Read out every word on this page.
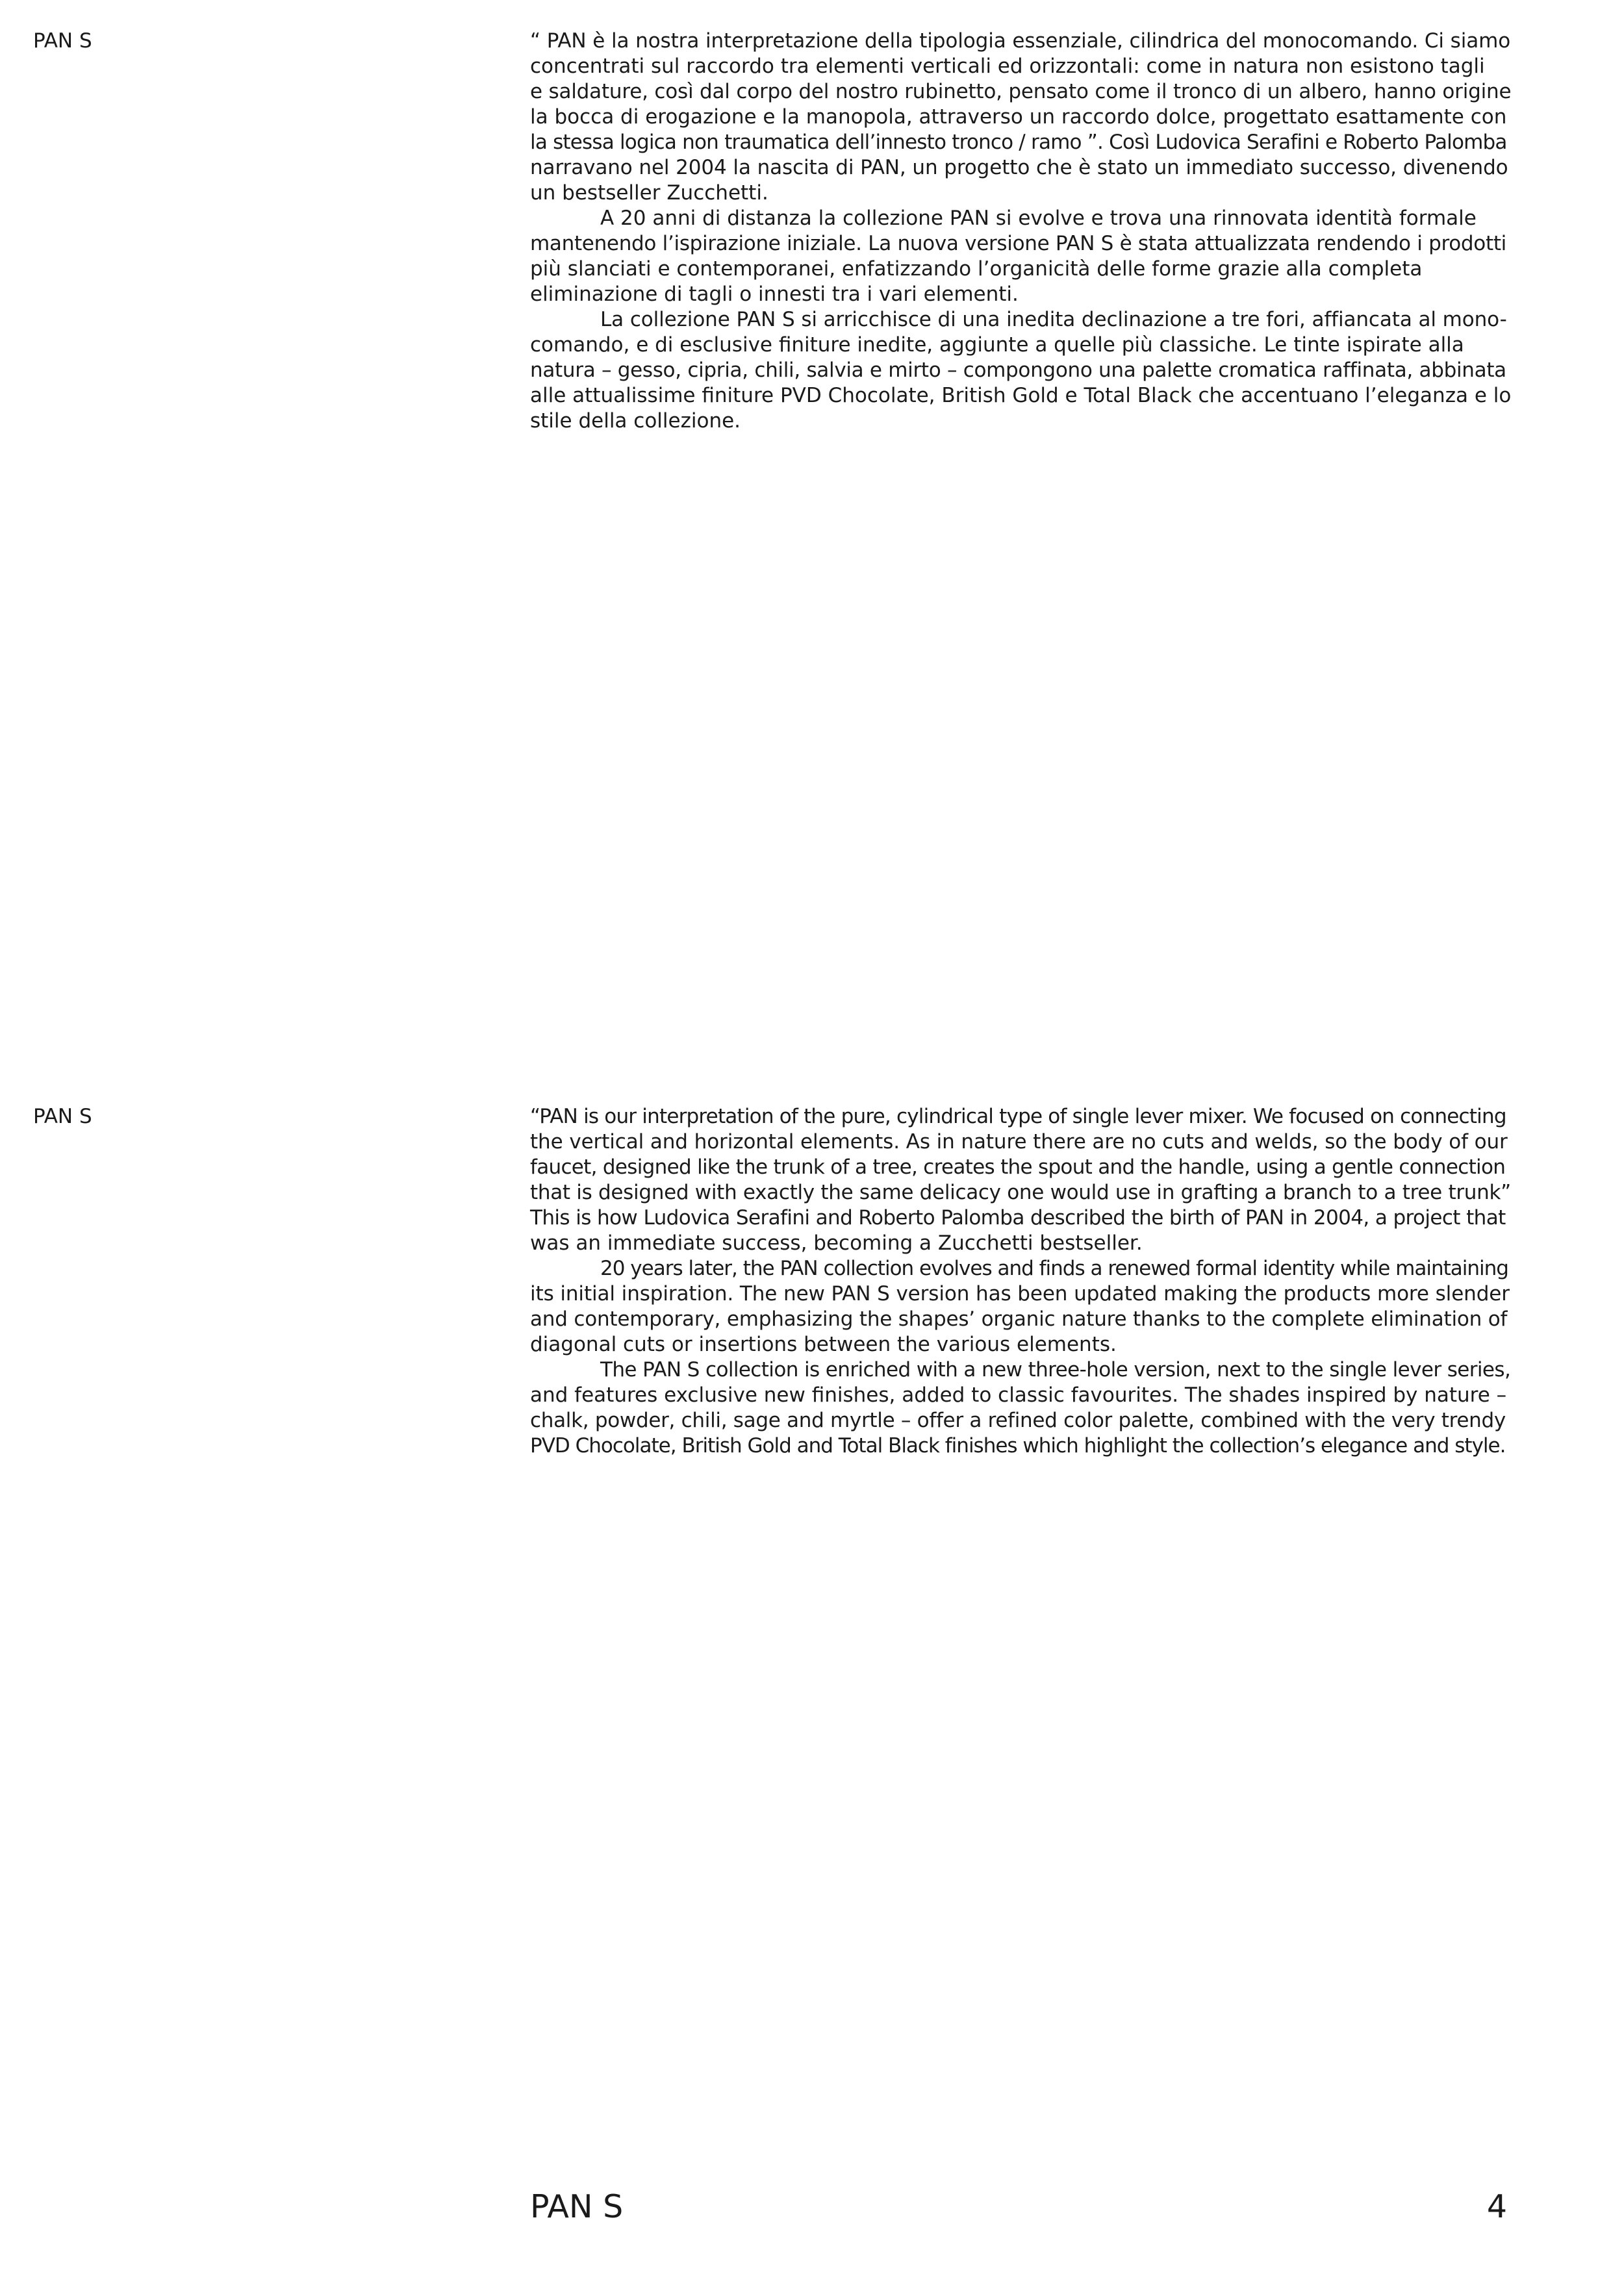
PAN S	“ PAN è la nostra interpretazione della tipologia essenziale, cilindrica del monocomando. Ci siamo
concentrati sul raccordo tra elementi verticali ed orizzontali: come in natura non esistono tagli
e saldature, così dal corpo del nostro rubinetto, pensato come il tronco di un albero, hanno origine
la bocca di erogazione e la manopola, attraverso un raccordo dolce, progettato esattamente con
la stessa logica non traumatica dell’innesto tronco / ramo ”. Così Ludovica Serafini e Roberto Palomba
narravano nel 2004 la nascita di PAN, un progetto che è stato un immediato successo, divenendo
un bestseller Zucchetti.
A 20 anni di distanza la collezione PAN si evolve e trova una rinnovata identità formale
mantenendo l’ispirazione iniziale. La nuova versione PAN S è stata attualizzata rendendo i prodotti
più slanciati e contemporanei, enfatizzando l’organicità delle forme grazie alla completa
eliminazione di tagli o innesti tra i vari elementi.
La collezione PAN S si arricchisce di una inedita declinazione a tre fori, affiancata al mono-
comando, e di esclusive finiture inedite, aggiunte a quelle più classiche. Le tinte ispirate alla
natura – gesso, cipria, chili, salvia e mirto – compongono una palette cromatica raffinata, abbinata
alle attualissime finiture PVD Chocolate, British Gold e Total Black che accentuano l’eleganza e lo
stile della collezione.

PAN S	“PAN is our interpretation of the pure, cylindrical type of single lever mixer. We focused on connecting
the vertical and horizontal elements. As in nature there are no cuts and welds, so the body of our
faucet, designed like the trunk of a tree, creates the spout and the handle, using a gentle connection
that is designed with exactly the same delicacy one would use in grafting a branch to a tree trunk”
This is how Ludovica Serafini and Roberto Palomba described the birth of PAN in 2004, a project that
was an immediate success, becoming a Zucchetti bestseller.
20 years later, the PAN collection evolves and finds a renewed formal identity while maintaining
its initial inspiration. The new PAN S version has been updated making the products more slender
and contemporary, emphasizing the shapes’ organic nature thanks to the complete elimination of
diagonal cuts or insertions between the various elements.
The PAN S collection is enriched with a new three-hole version, next to the single lever series,
and features exclusive new finishes, added to classic favourites. The shades inspired by nature –
chalk, powder, chili, sage and myrtle – offer a refined color palette, combined with the very trendy
PVD Chocolate, British Gold and Total Black finishes which highlight the collection’s elegance and style.

PAN S	4
